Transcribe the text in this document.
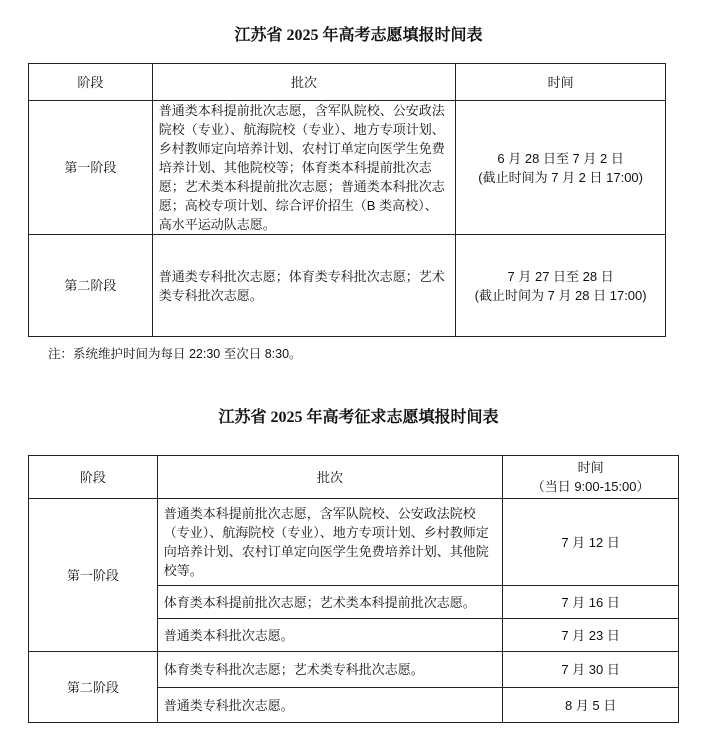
江苏省 2025 年高考志愿填报时间表
阶段	批次	时间
第一阶段	普通类本科提前批次志愿，含军队院校、公安政法院校（专业）、航海院校（专业）、地方专项计划、乡村教师定向培养计划、农村订单定向医学生免费培养计划、其他院校等；体育类本科提前批次志愿；艺术类本科提前批次志愿；普通类本科批次志愿；高校专项计划、综合评价招生（B 类高校）、高水平运动队志愿。	6 月 28 日至 7 月 2 日
(截止时间为 7 月 2 日 17:00)

第二阶段	普通类专科批次志愿；体育类专科批次志愿；艺术类专科批次志愿。	7 月 27 日至 28 日
(截止时间为 7 月 28 日 17:00)
注：系统维护时间为每日 22:30 至次日 8:30。
江苏省 2025 年高考征求志愿填报时间表
阶段	批次	时间
（当日 9:00-15:00）

第一阶段	普通类本科提前批次志愿，含军队院校、公安政法院校（专业）、航海院校（专业）、地方专项计划、乡村教师定向培养计划、农村订单定向医学生免费培养计划、其他院校等。	7 月 12 日
	体育类本科提前批次志愿；艺术类本科提前批次志愿。	7 月 16 日
	普通类本科批次志愿。	7 月 23 日
第二阶段	体育类专科批次志愿；艺术类专科批次志愿。	7 月 30 日
	普通类专科批次志愿。	8 月 5 日
